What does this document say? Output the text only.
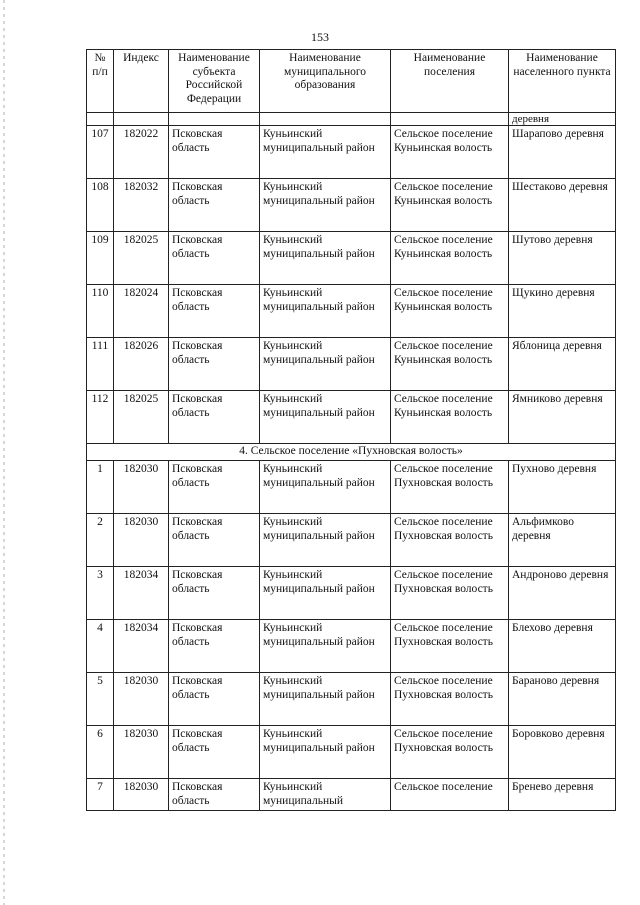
153
№ п/п	Индекс	Наименование субъекта Российской Федерации	Наименование муниципального образования	Наименование поселения	Наименование населенного пункта
					деревня
107	182022	Псковская область	Куньинский муниципальный район	Сельское поселение Куньинская волость	Шарапово деревня
108	182032	Псковская область	Куньинский муниципальный район	Сельское поселение Куньинская волость	Шестаково деревня
109	182025	Псковская область	Куньинский муниципальный район	Сельское поселение Куньинская волость	Шутово деревня
110	182024	Псковская область	Куньинский муниципальный район	Сельское поселение Куньинская волость	Щукино деревня
111	182026	Псковская область	Куньинский муниципальный район	Сельское поселение Куньинская волость	Яблоница деревня
112	182025	Псковская область	Куньинский муниципальный район	Сельское поселение Куньинская волость	Ямниково деревня
4. Сельское поселение «Пухновская волость»					
1	182030	Псковская область	Куньинский муниципальный район	Сельское поселение Пухновская волость	Пухново деревня
2	182030	Псковская область	Куньинский муниципальный район	Сельское поселение Пухновская волость	Альфимково деревня
3	182034	Псковская область	Куньинский муниципальный район	Сельское поселение Пухновская волость	Андроново деревня
4	182034	Псковская область	Куньинский муниципальный район	Сельское поселение Пухновская волость	Блехово деревня
5	182030	Псковская область	Куньинский муниципальный район	Сельское поселение Пухновская волость	Бараново деревня
6	182030	Псковская область	Куньинский муниципальный район	Сельское поселение Пухновская волость	Боровково деревня
7	182030	Псковская область	Куньинский муниципальный	Сельское поселение	Бренево деревня
